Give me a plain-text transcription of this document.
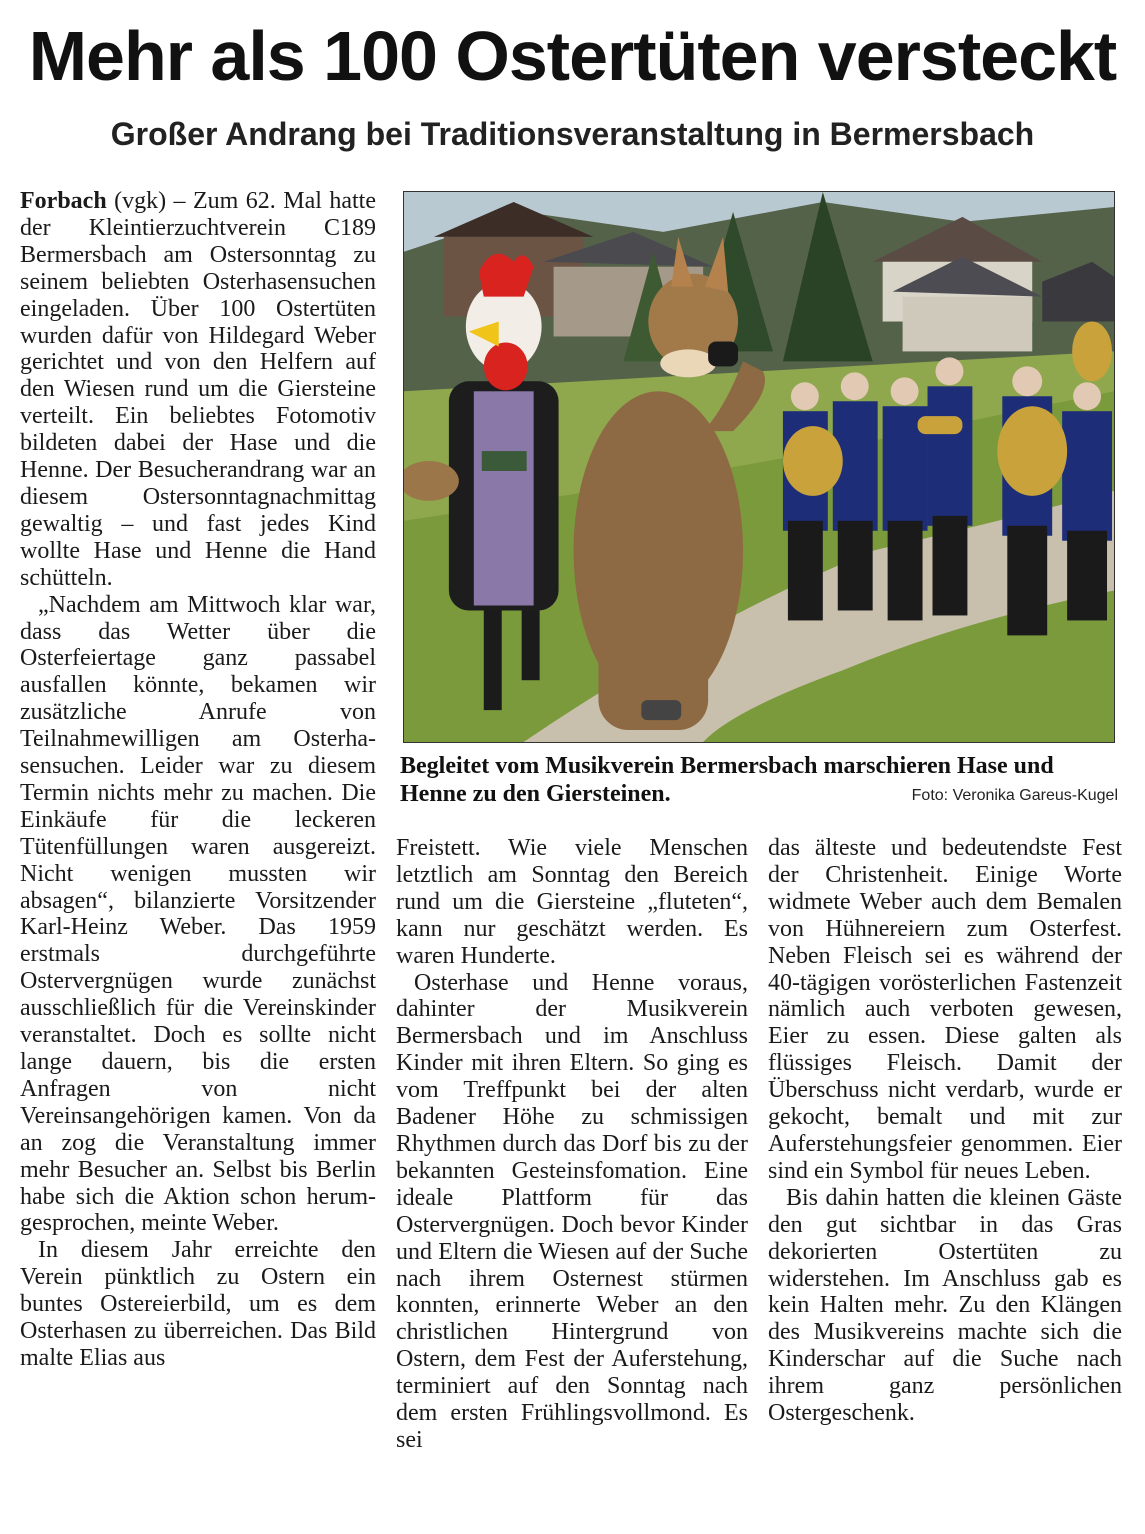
Mehr als 100 Ostertüten versteckt
Großer Andrang bei Traditionsveranstaltung in Bermersbach

Forbach (vgk) – Zum 62. Mal hatte der Kleintierzuchtverein C189 Bermersbach am Ostersonntag zu seinem beliebten Osterhasensuchen eingeladen. Über 100 Ostertüten wurden dafür von Hildegard Weber gerichtet und von den Helfern auf den Wiesen rund um die Giersteine verteilt. Ein beliebtes Fotomotiv bildeten dabei der Hase und die Henne. Der Besucherandrang war an diesem Ostersonntagnachmittag gewaltig – und fast jedes Kind wollte Hase und Henne die Hand schütteln.

„Nachdem am Mittwoch klar war, dass das Wetter über die Osterfeiertage ganz passabel ausfallen könnte, bekamen wir zusätzliche Anrufe von Teilnahmewilligen am Osterhasensuchen. Leider war zu diesem Termin nichts mehr zu machen. Die Einkäufe für die leckeren Tütenfüllungen waren ausgereizt. Nicht wenigen mussten wir absagen“, bilanzierte Vorsitzender Karl-Heinz Weber. Das 1959 erstmals durchgeführte Ostervergnügen wurde zunächst ausschließlich für die Vereinskinder veranstaltet. Doch es sollte nicht lange dauern, bis die ersten Anfragen von nicht Vereinsangehörigen kamen. Von da an zog die Veranstaltung immer mehr Besucher an. Selbst bis Berlin habe sich die Aktion schon herumgesprochen, meinte Weber.

In diesem Jahr erreichte den Verein pünktlich zu Ostern ein buntes Ostereierbild, um es dem Osterhasen zu überreichen. Das Bild malte Elias aus

Begleitet vom Musikverein Bermersbach marschieren Hase und Henne zu den Giersteinen.	Foto: Veronika Gareus-Kugel

Freistett. Wie viele Menschen letztlich am Sonntag den Bereich rund um die Giersteine „fluteten“, kann nur geschätzt werden. Es waren Hunderte.

Osterhase und Henne voraus, dahinter der Musikverein Bermersbach und im Anschluss Kinder mit ihren Eltern. So ging es vom Treffpunkt bei der alten Badener Höhe zu schmissigen Rhythmen durch das Dorf bis zu der bekannten Gesteinsfomation. Eine ideale Plattform für das Ostervergnügen. Doch bevor Kinder und Eltern die Wiesen auf der Suche nach ihrem Osternest stürmen konnten, erinnerte Weber an den christlichen Hintergrund von Ostern, dem Fest der Auferstehung, terminiert auf den Sonntag nach dem ersten Frühlingsvollmond. Es sei

das älteste und bedeutendste Fest der Christenheit. Einige Worte widmete Weber auch dem Bemalen von Hühnereiern zum Osterfest. Neben Fleisch sei es während der 40-tägigen vorösterlichen Fastenzeit nämlich auch verboten gewesen, Eier zu essen. Diese galten als flüssiges Fleisch. Damit der Überschuss nicht verdarb, wurde er gekocht, bemalt und mit zur Auferstehungsfeier genommen. Eier sind ein Symbol für neues Leben.

Bis dahin hatten die kleinen Gäste den gut sichtbar in das Gras dekorierten Ostertüten zu widerstehen. Im Anschluss gab es kein Halten mehr. Zu den Klängen des Musikvereins machte sich die Kinderschar auf die Suche nach ihrem ganz persönlichen Ostergeschenk.
